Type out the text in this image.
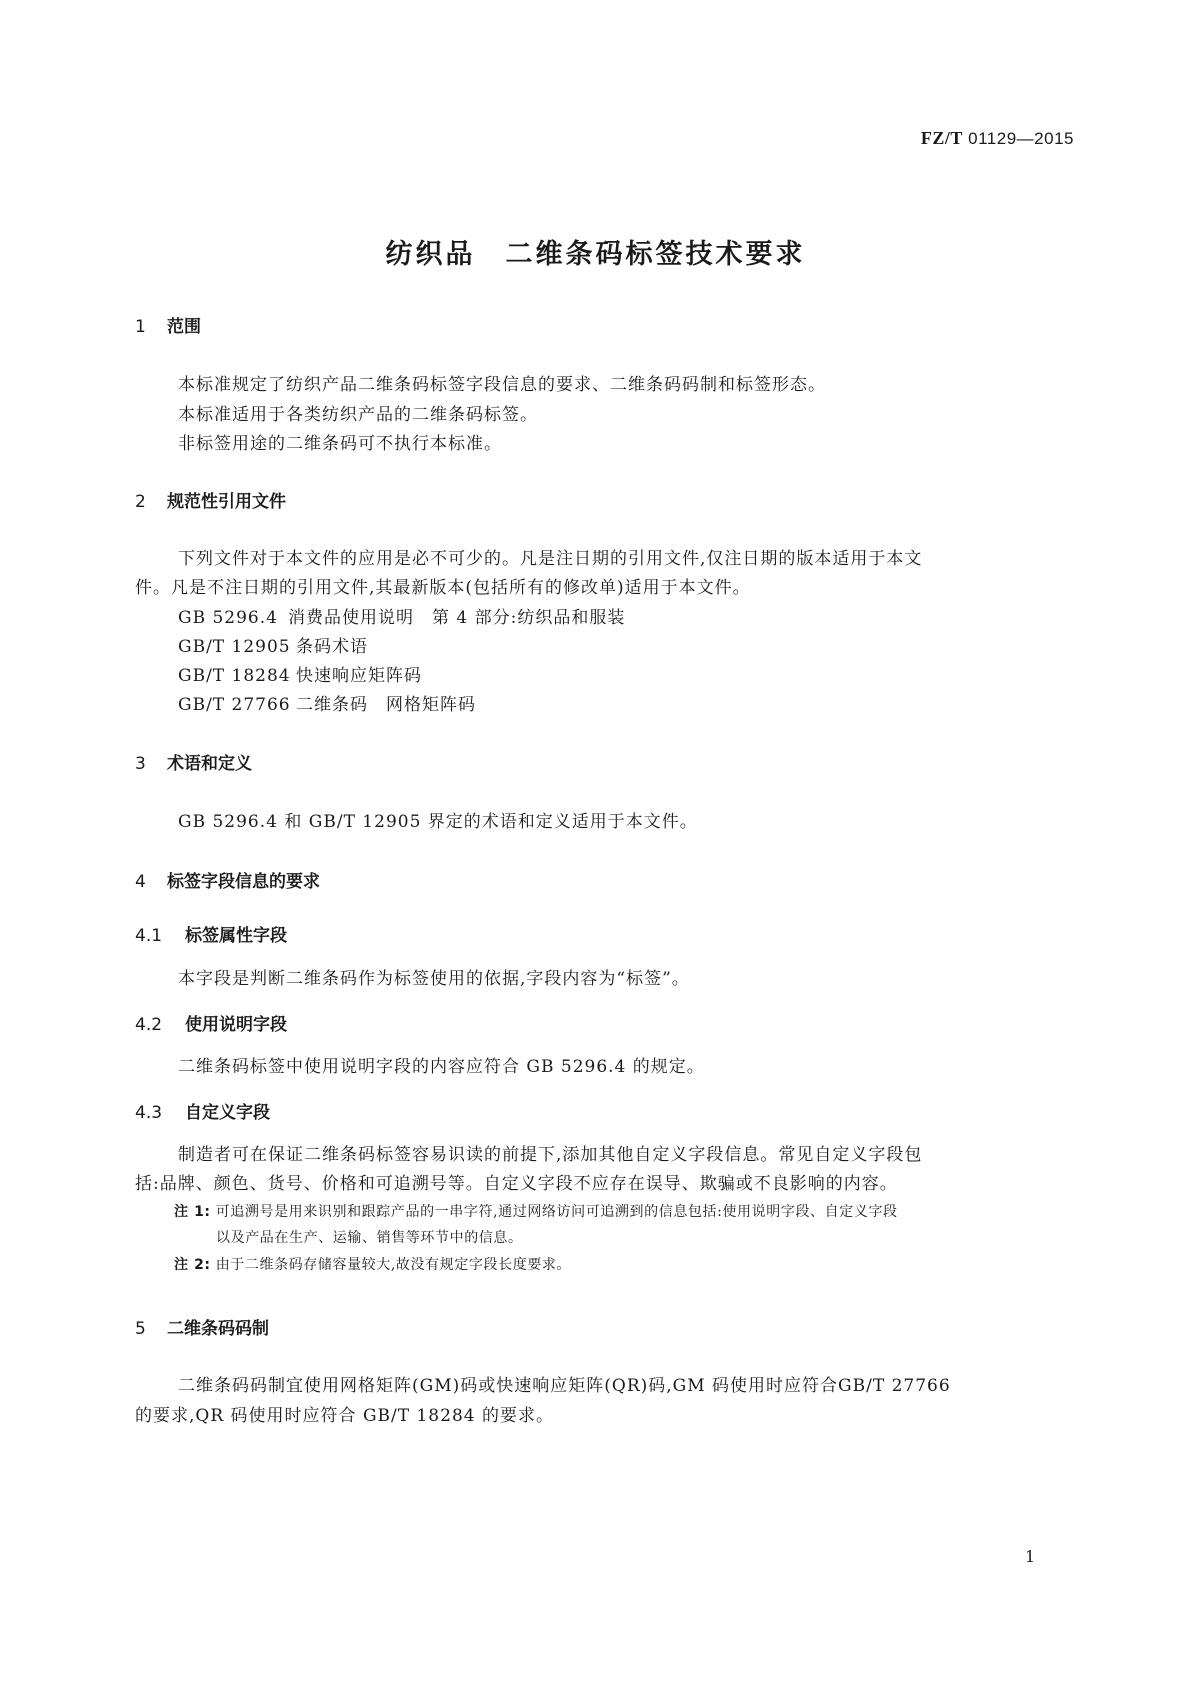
FZ/T 01129—2015
纺织品　二维条码标签技术要求
1 范围
本标准规定了纺织产品二维条码标签字段信息的要求、二维条码码制和标签形态。
本标准适用于各类纺织产品的二维条码标签。
非标签用途的二维条码可不执行本标准。
2 规范性引用文件
下列文件对于本文件的应用是必不可少的。凡是注日期的引用文件,仅注日期的版本适用于本文
件。凡是不注日期的引用文件,其最新版本(包括所有的修改单)适用于本文件。
GB 5296.4 消费品使用说明　第 4 部分:纺织品和服装
GB/T 12905 条码术语
GB/T 18284 快速响应矩阵码
GB/T 27766 二维条码　网格矩阵码
3 术语和定义
GB 5296.4 和 GB/T 12905 界定的术语和定义适用于本文件。
4 标签字段信息的要求
4.1 标签属性字段
本字段是判断二维条码作为标签使用的依据,字段内容为“标签”。
4.2 使用说明字段
二维条码标签中使用说明字段的内容应符合 GB 5296.4 的规定。
4.3 自定义字段
制造者可在保证二维条码标签容易识读的前提下,添加其他自定义字段信息。常见自定义字段包
括:品牌、颜色、货号、价格和可追溯号等。自定义字段不应存在误导、欺骗或不良影响的内容。
注 1: 可追溯号是用来识别和跟踪产品的一串字符,通过网络访问可追溯到的信息包括:使用说明字段、自定义字段
以及产品在生产、运输、销售等环节中的信息。
注 2: 由于二维条码存储容量较大,故没有规定字段长度要求。
5 二维条码码制
二维条码码制宜使用网格矩阵(GM)码或快速响应矩阵(QR)码,GM 码使用时应符合GB/T 27766
的要求,QR 码使用时应符合 GB/T 18284 的要求。
1
